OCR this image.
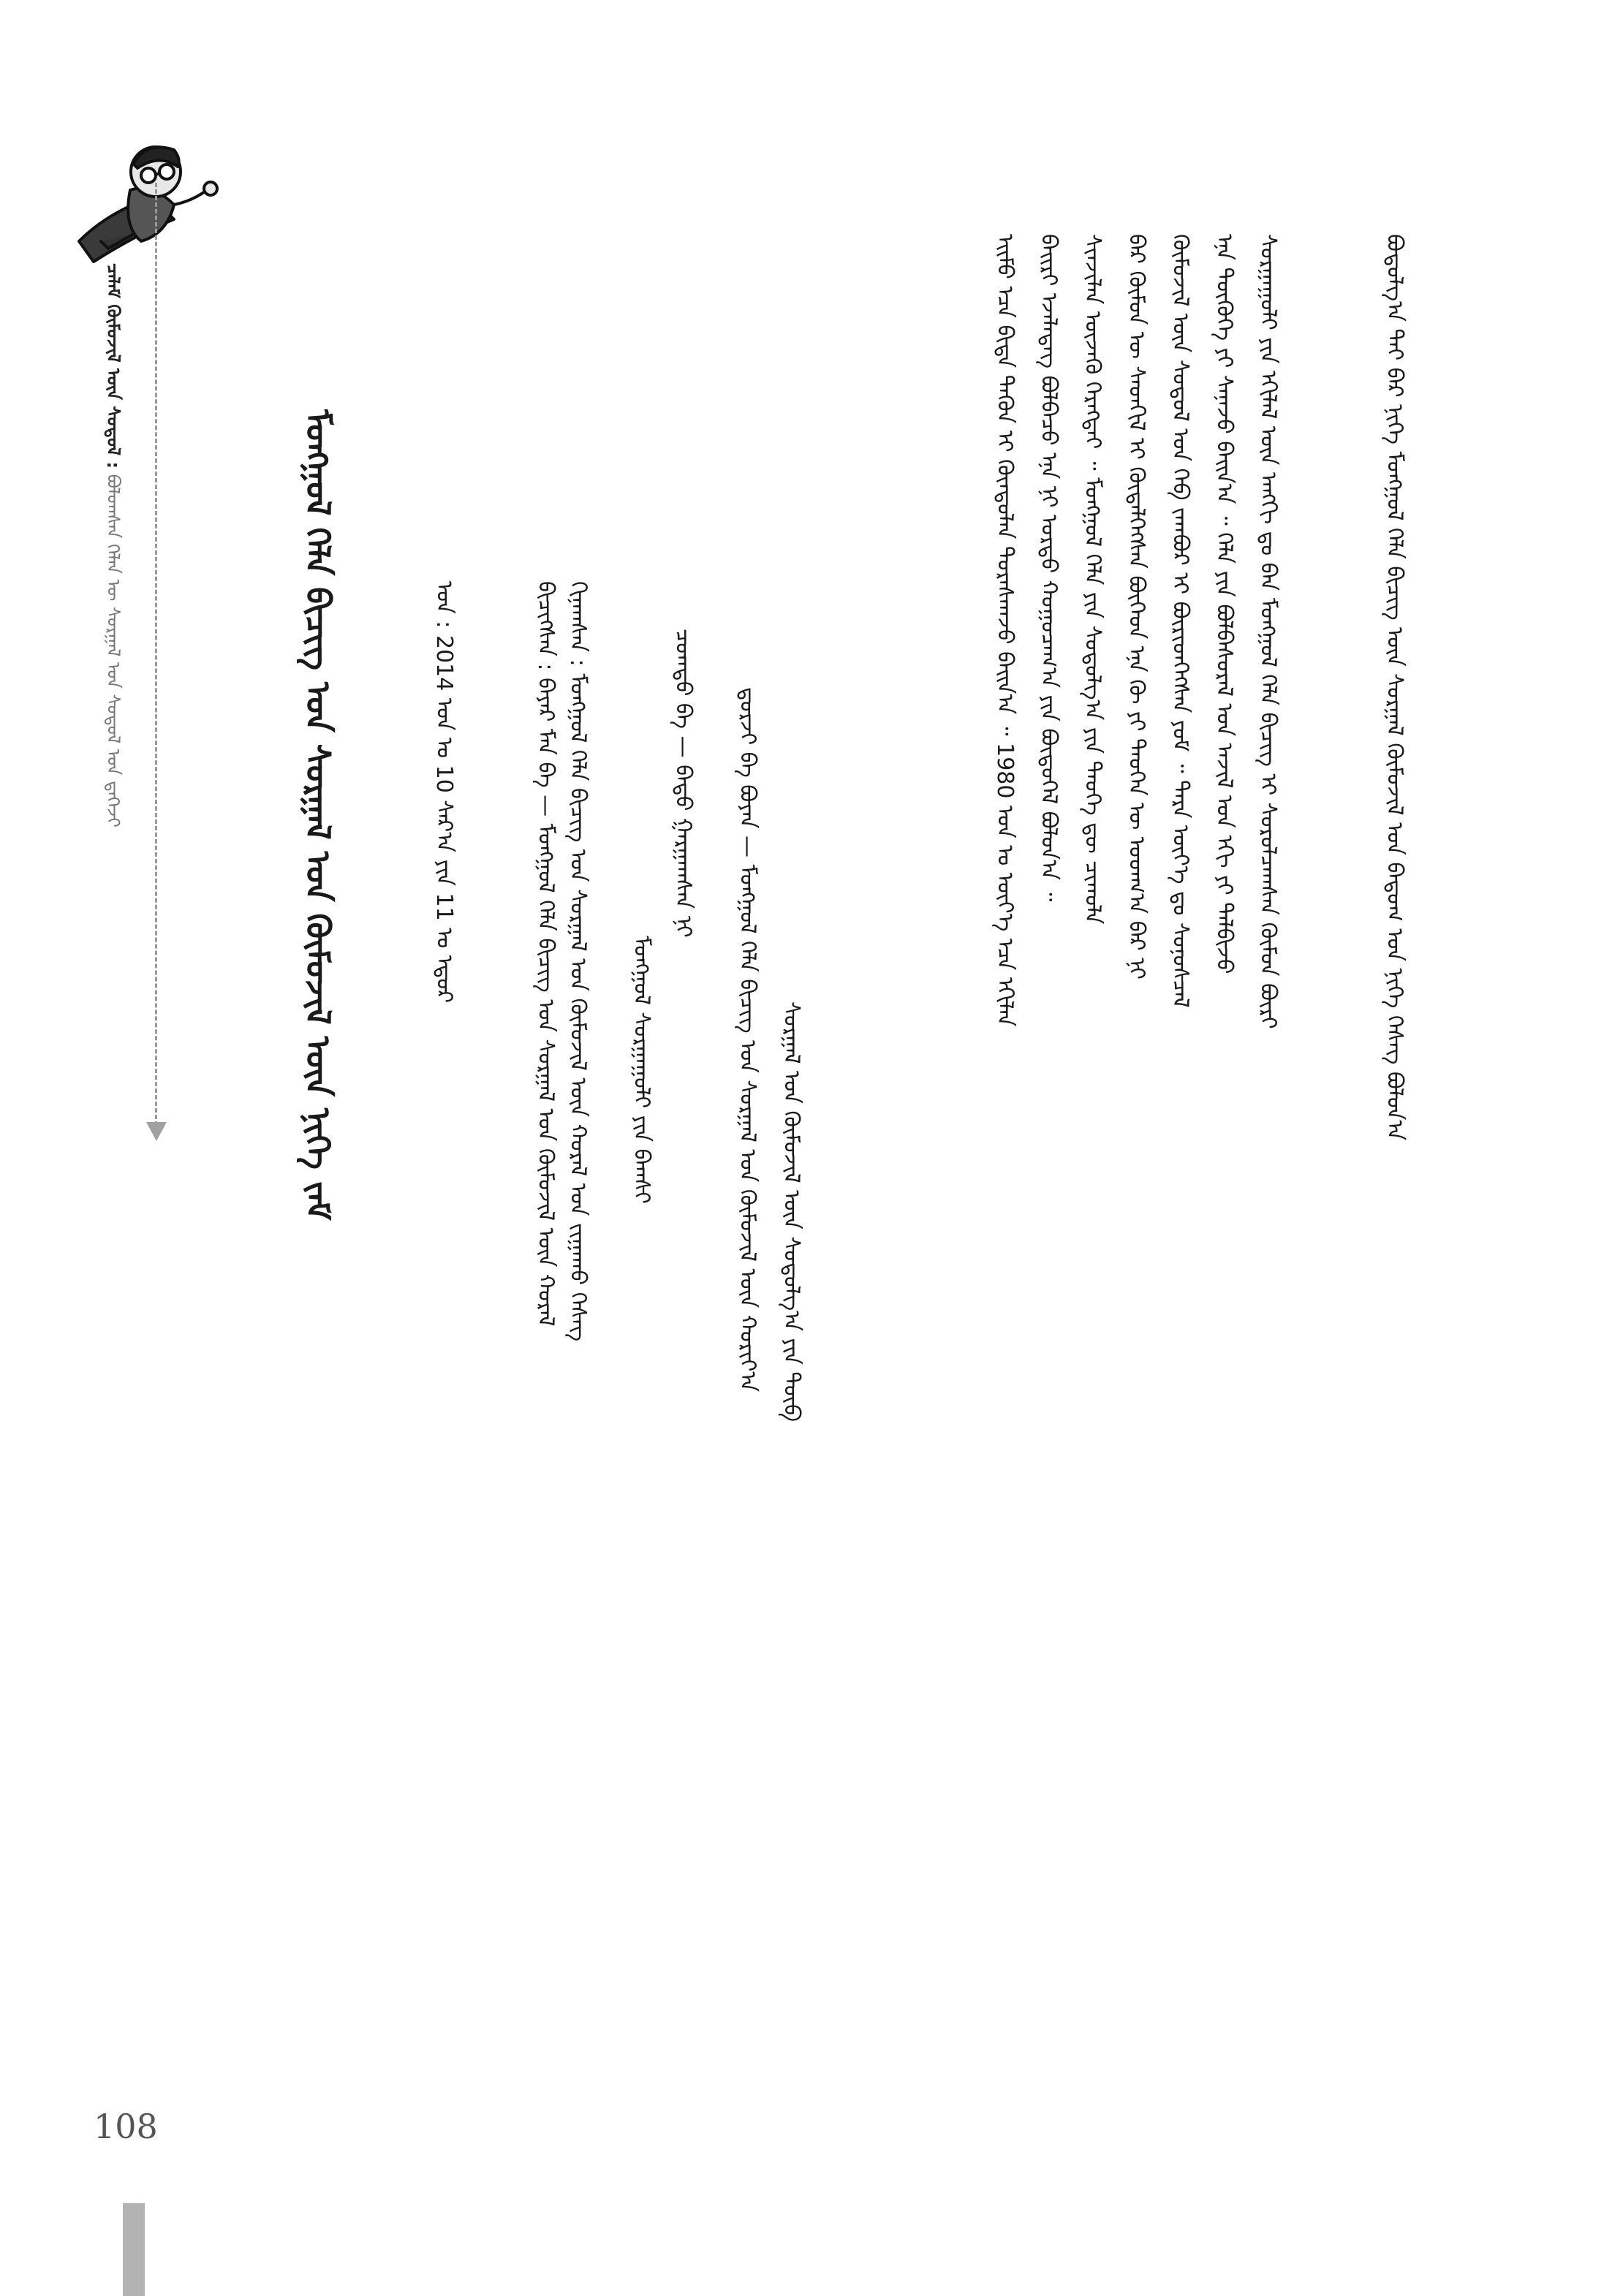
ᠴᠠᠯᠠᠮ ᠬᠦᠮᠦᠵᠢᠯ ᠦᠨ ᠰᠤᠳᠤᠯ : ᠪᠣᠯᠤᠭᠰᠠᠨ ᠬᠡᠯᠡᠨ ᠦ ᠰᠤᠷᠭᠠᠯ ᠤᠨ ᠰᠤᠳᠤᠯ ᠤᠨ ᠳ᠋ᠡᠭᠡᠵᠢ	ᠮᠣᠩᠭᠣᠯ ᠬᠡᠯᠡ ᠪᠢᠴᠢᠭ ᠤᠨ ᠰᠤᠷᠭᠠᠯ ᠤᠨ ᠬᠦᠮᠦᠵᠢᠯ ᠦᠨ ᠨᠢᠭᠡ ᠵᠠᠮ	ᠣᠨ : 2014 ᠣᠨ ᠤ 10 ᠰᠠᠷ᠎ᠠ ᠶᠢᠨ 11 ᠤ ᠡᠳᠦᠷ	ᠬᠢᠨᠠᠭᠰᠠᠨ : ᠮᠣᠩᠭᠣᠯ ᠬᠡᠯᠡ ᠪᠢᠴᠢᠭ ᠤᠨ ᠰᠤᠷᠭᠠᠯ ᠤᠨ ᠬᠦᠮᠦᠵᠢᠯ ᠦᠨ ᠬᠤᠷᠠᠯ ᠤᠨ ᠵᠢᠭᠠᠬᠤ ᠬᠡᠰᠡᠭ
ᠪᠢᠴᠢᠭᠰᠡᠨ : ᠪᠠᠶᠠᠷ ᠮᠠᠨ ᠪᠠ — ᠮᠣᠩᠭᠣᠯ ᠬᠡᠯᠡ ᠪᠢᠴᠢᠭ ᠤᠨ ᠰᠤᠷᠭᠠᠯ ᠤᠨ ᠬᠦᠮᠦᠵᠢᠯ ᠦᠨ ᠬᠤᠷᠠᠯ	ᠮᠣᠩᠭᠣᠯ ᠰᠤᠷᠭᠠᠭᠤᠯᠢ ᠶᠢᠨ ᠪᠠᠭᠰᠢ
ᠴᠣᠭᠲᠤ ᠪᠠ — ᠪᠠᠲᠤ ᠭᠠᠷᠭᠠᠭᠰᠠᠨ ᠨᠢ ᠳ᠋ᠣᠷᠵᠢ ᠪᠠ ᠪᠤᠶᠠᠨ — ᠮᠣᠩᠭᠣᠯ ᠬᠡᠯᠡ ᠪᠢᠴᠢᠭ ᠤᠨ ᠰᠤᠷᠭᠠᠯ ᠤᠨ ᠬᠦᠮᠦᠵᠢᠯ ᠦᠨ ᠬᠣᠷᠢᠶ᠎ᠠ ᠰᠤᠷᠭᠠᠯ ᠤᠨ ᠬᠦᠮᠦᠵᠢᠯ ᠦᠨ ᠰᠤᠳᠤᠯᠭ᠎ᠠ ᠶᠢᠨ ᠲᠥᠪ
ᠡᠢᠮᠦ ᠡᠴᠡ ᠪᠢᠳᠡ ᠲᠡᠭᠦᠨ ᠢ ᠬᠦᠨᠳᠦᠯᠡᠨ ᠳᠤᠷᠠᠰᠬᠠᠵᠤ ᠪᠠᠢᠨ᠎ᠠ ᠃ 1980 ᠣᠨ ᠤ ᠦᠶ᠎ᠡ ᠡᠴᠡ ᠡᠬᠢᠯᠡᠨ ᠪᠠᠢᠷᠢ ᠡᠵᠡᠯᠡᠳᠡᠭ ᠪᠣᠯᠪᠠᠴᠤ ᠡᠨᠡ ᠨᠢ ᠤᠷᠲᠤ ᠬᠤᠭᠤᠴᠠᠭ᠎ᠠ ᠶᠢᠨ ᠪᠦᠲᠦᠭᠡᠯ ᠪᠣᠯᠤᠨ᠎ᠠ ᠃ ᠰᠢᠨᠵᠢᠯᠡᠨ ᠦᠵᠡᠬᠦ ᠬᠡᠷᠡᠭᠲᠡᠢ ᠃ ᠮᠣᠩᠭᠣᠯ ᠬᠡᠯᠡ ᠶᠢᠨ ᠰᠤᠳᠤᠯᠭ᠎ᠠ ᠶᠢᠨ ᠲᠡᠦᠬᠡ ᠳᠦ ᠴᠢᠬᠤᠯᠠ ᠪᠠᠷ ᠬᠦᠮᠦᠨ ᠦ ᠰᠡᠳᠬᠢᠯ ᠢ ᠬᠥᠳᠡᠯᠭᠡᠭᠰᠡᠨ ᠪᠥᠭᠡᠳ ᠡᠨᠡ ᠬᠦ ᠶᠢ ᠲᠡᠦᠬᠡᠨ ᠦ ᠤᠳᠬ᠎ᠠ ᠪᠡᠷ ᠨᠢ ᠬᠦᠮᠦᠵᠢᠯ ᠦᠨ ᠰᠤᠳᠤᠯ ᠤᠨ ᠬᠡᠪ ᠵᠠᠭᠪᠤᠷ ᠢ ᠪᠦᠷᠢᠳᠬᠡᠭᠰᠡᠨ ᠶᠤᠮ ᠃ ᠲᠡᠷᠡ ᠦᠶ᠎ᠡ ᠳᠤ ᠰᠣᠨᠣᠰᠴᠠᠯ ᠡᠨᠡ ᠲᠦᠭᠦᠬᠡ ᠶᠢ ᠰᠠᠨᠠᠵᠤ ᠪᠠᠢᠨ᠎ᠠ ᠃ ᠬᠡᠯᠡ ᠶᠢᠨ ᠪᠣᠯᠪᠠᠰᠤᠷᠠᠯ ᠤᠨ ᠠᠵᠢᠯ ᠤᠨ ᠡᠬᠢ ᠶᠢ ᠲᠠᠯᠪᠢᠵᠤ ᠰᠤᠷᠭᠠᠭᠤᠯᠢ ᠶᠢᠨ ᠡᠬᠢᠯᠡᠯ ᠦᠨ ᠠᠩᠭᠢ ᠳᠤ ᠪᠡᠨ ᠮᠣᠩᠭᠣᠯ ᠬᠡᠯᠡ ᠪᠢᠴᠢᠭ ᠢ ᠰᠤᠷᠤᠯᠴᠠᠭᠰᠠᠨ ᠬᠦᠮᠦᠨ ᠪᠦᠷᠢ	ᠪᠣᠳᠤᠯᠭ᠎ᠠ ᠲᠠᠢ ᠪᠠᠷ ᠨᠢᠭᠡ ᠮᠣᠩᠭᠣᠯ ᠬᠡᠯᠡ ᠪᠢᠴᠢᠭ ᠦᠨ ᠰᠤᠷᠭᠠᠯ ᠬᠦᠮᠦᠵᠢᠯ ᠤᠨ ᠪᠠᠳᠤᠭ ᠤᠨ ᠨᠢᠭᠡ ᠬᠡᠰᠡᠭ ᠪᠣᠯᠤᠨ᠎ᠠ
108
